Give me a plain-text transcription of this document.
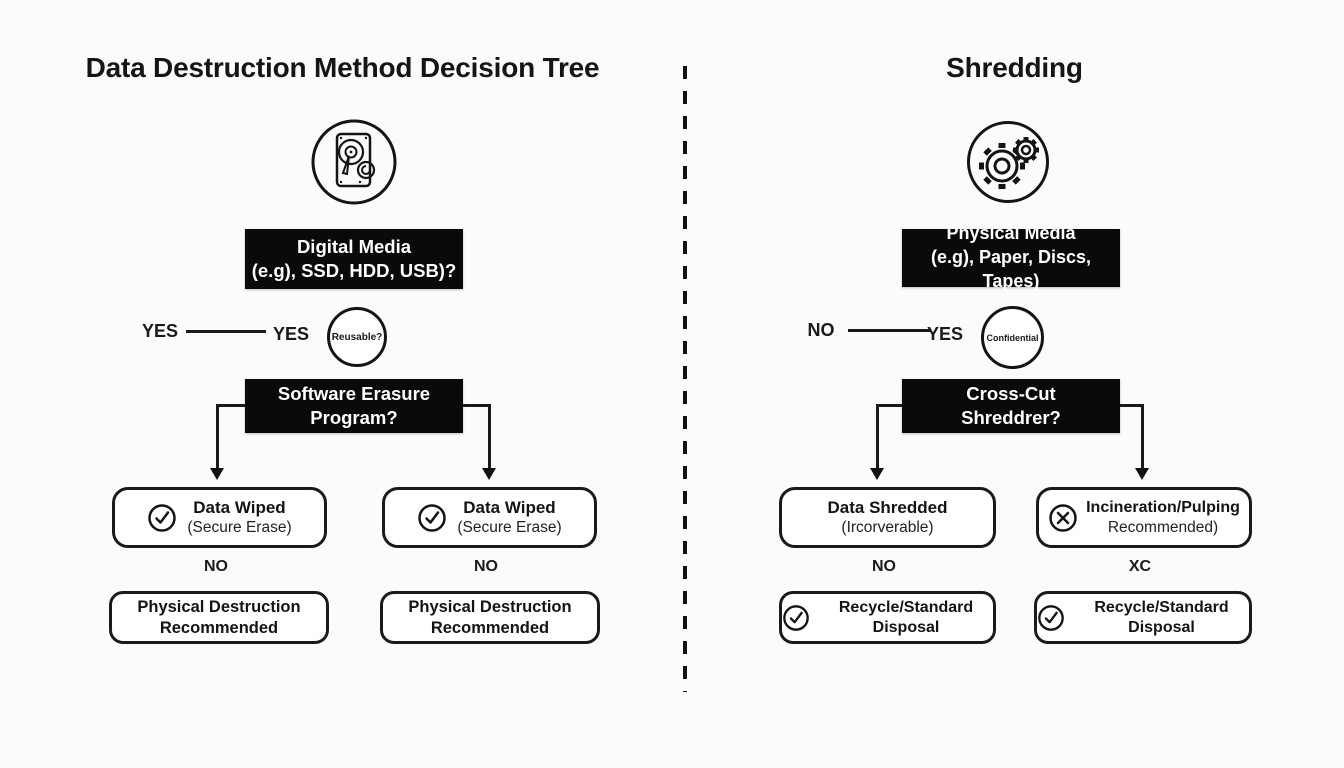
Data Destruction Method Decision Tree	Shredding
Digital Media
(e.g), SSD, HDD, USB)?
YES	YES	Reusable?
Software Erasure
Program?
Data Wiped
(Secure Erase)
Data Wiped
(Secure Erase)
NO	NO
Physical Destruction
Recommended
Physical Destruction
Recommended
Physical Media
(e.g), Paper, Discs, Tapes)
NO	YES	Confidential
Cross-Cut
Shreddrer?
Data Shredded
(Ircorverable)
Incineration/Pulping
Recommended)
NO	XC
Recycle/Standard Disposal
Recycle/Standard Disposal
